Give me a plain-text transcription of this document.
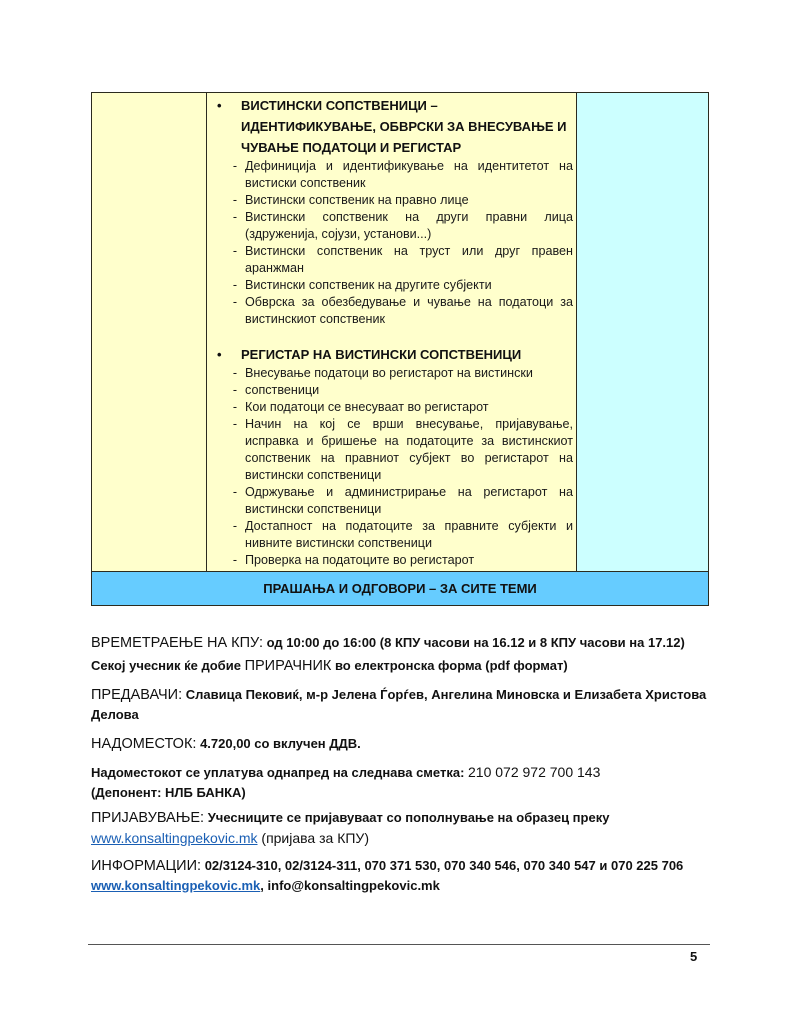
•	ВИСТИНСКИ СОПСТВЕНИЦИ – ИДЕНТИФИКУВАЊЕ, ОБВРСКИ ЗА ВНЕСУВАЊЕ И ЧУВАЊЕ ПОДАТОЦИ И РЕГИСТАР
- Дефиниција и идентификување на идентитетот на вистиски сопственик
- Вистински сопственик на правно лице
- Вистински сопственик на други правни лица (здруженија, сојузи, установи...)
- Вистински сопственик на труст или друг правен аранжман
- Вистински сопственик на другите субјекти
- Обврска за обезбедување и чување на податоци за вистинскиот сопственик
•	РЕГИСТАР НА ВИСТИНСКИ СОПСТВЕНИЦИ
- Внесување податоци во регистарот на вистински
- сопственици
- Кои податоци се внесуваат во регистарот
- Начин на кој се врши внесување, пријавување, исправка и бришење на податоците за вистинскиот сопственик на правниот субјект во регистарот на вистински сопственици
- Одржување и администрирање на регистарот на вистински сопственици
- Достапност на податоците за правните субјекти и нивните вистински сопственици
- Проверка на податоците во регистарот
ПРАШАЊА И ОДГОВОРИ – ЗА СИТЕ ТЕМИ
ВРЕМЕТРАЕЊЕ НА КПУ: од 10:00 до 16:00 (8 КПУ часови на 16.12 и 8 КПУ часови на 17.12)
Секој учесник ќе добие ПРИРАЧНИК во електронска форма (pdf формат)
ПРЕДАВАЧИ: Славица Пековиќ, м-р Јелена Ѓорѓев, Ангелина Миновска и Елизабета Христова Делова
НАДОМЕСТОК: 4.720,00 со вклучен ДДВ.
Надоместокот се уплатува однапред на следнава сметка: 210 072 972 700 143
(Депонент: НЛБ БАНКА)
ПРИЈАВУВАЊЕ: Учесниците се пријавуваат со пополнување на образец преку
www.konsaltingpekovic.mk (пријава за КПУ)
ИНФОРМАЦИИ: 02/3124-310, 02/3124-311, 070 371 530, 070 340 546, 070 340 547 и 070 225 706
www.konsaltingpekovic.mk, info@konsaltingpekovic.mk
5
